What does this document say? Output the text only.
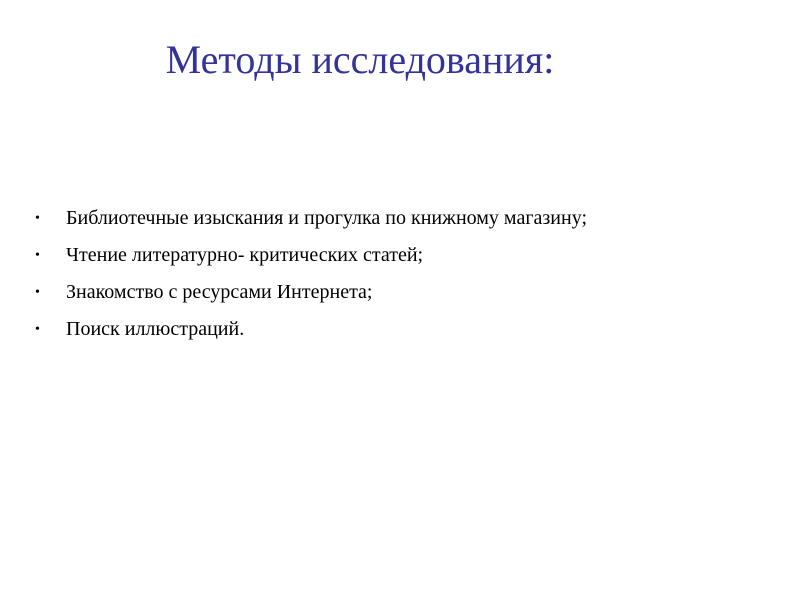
Методы исследования:
• Библиотечные изыскания и прогулка по книжному магазину;
• Чтение литературно- критических статей;
• Знакомство с ресурсами Интернета;
• Поиск иллюстраций.
